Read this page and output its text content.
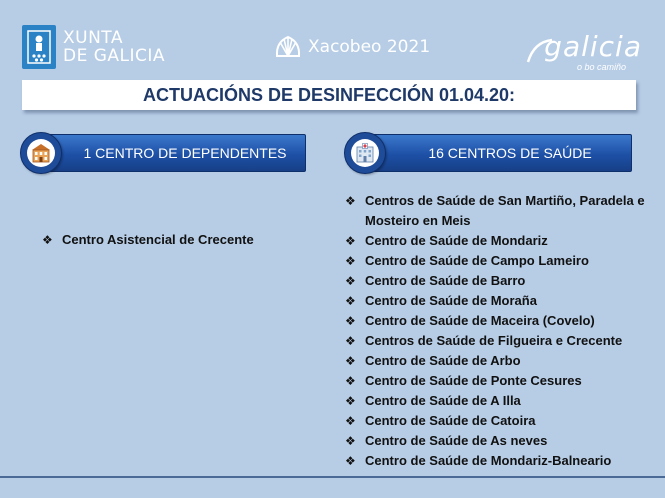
XUNTA
DE GALICIA	Xacobeo 2021	galicia
o bo camiño
ACTUACIÓNS DE DESINFECCIÓN 01.04.20:
1 CENTRO DE DEPENDENTES	16 CENTROS DE SAÚDE
❖ Centro Asistencial de Crecente
❖ Centros de Saúde de San Martiño, Paradela e Mosteiro en Meis
❖ Centro de Saúde de Mondariz
❖ Centro de Saúde de Campo Lameiro
❖ Centro de Saúde de Barro
❖ Centro de Saúde de Moraña
❖ Centro de Saúde de Maceira (Covelo)
❖ Centros de Saúde de Filgueira e Crecente
❖ Centro de Saúde de Arbo
❖ Centro de Saúde de Ponte Cesures
❖ Centro de Saúde de A Illa
❖ Centro de Saúde de Catoira
❖ Centro de Saúde de As neves
❖ Centro de Saúde de Mondariz-Balneario
